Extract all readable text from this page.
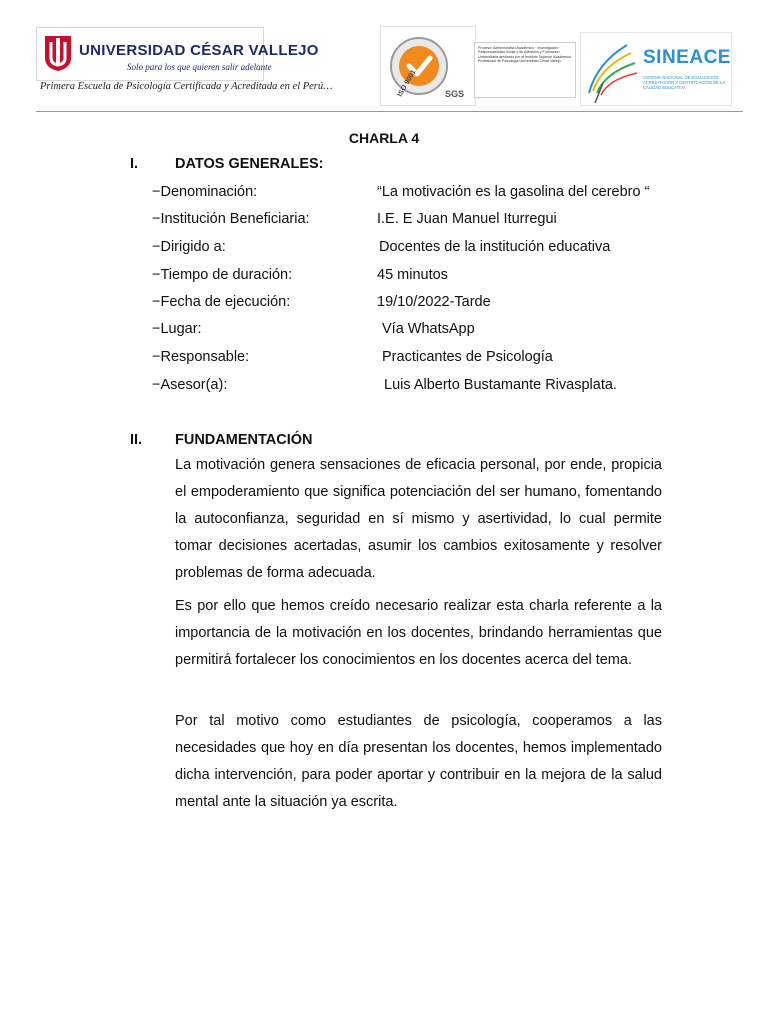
UNIVERSIDAD CÉSAR VALLEJO
Solo para los que quieren salir adelante
Primera Escuela de Psicología Certificada y Acreditada en el Perú…	ISO 9001	SGS

Proceso: Administrativo Académico · Investigación · Responsabilidad Social y de Admisión y Formación Universitaria aprobado por el Instituto Superior Académico. Profesional de Psicología Universidad César Vallejo.	SINEACE
SISTEMA NACIONAL DE EVALUACIÓN, ACREDITACIÓN Y CERTIFICACIÓN DE LA CALIDAD EDUCATIVA
CHARLA 4
I.	DATOS GENERALES:
−Denominación:	“La motivación es la gasolina del cerebro “
−Institución Beneficiaria:	I.E. E Juan Manuel Iturregui
−Dirigido a:	Docentes de la institución educativa
−Tiempo de duración:	45 minutos
−Fecha de ejecución:	19/10/2022-Tarde
−Lugar:	Vía WhatsApp
−Responsable:	Practicantes de Psicología
−Asesor(a):	Luis Alberto Bustamante Rivasplata.
II. FUNDAMENTACIÓN

La motivación genera sensaciones de eficacia personal, por ende, propicia el empoderamiento que significa potenciación del ser humano, fomentando la autoconfianza, seguridad en sí mismo y asertividad, lo cual permite tomar decisiones acertadas, asumir los cambios exitosamente y resolver problemas de forma adecuada.

Es por ello que hemos creído necesario realizar esta charla referente a la importancia de la motivación en los docentes, brindando herramientas que permitirá fortalecer los conocimientos en los docentes acerca del tema.

Por tal motivo como estudiantes de psicología, cooperamos a las necesidades que hoy en día presentan los docentes, hemos implementado dicha intervención, para poder aportar y contribuir en la mejora de la salud mental ante la situación ya escrita.
